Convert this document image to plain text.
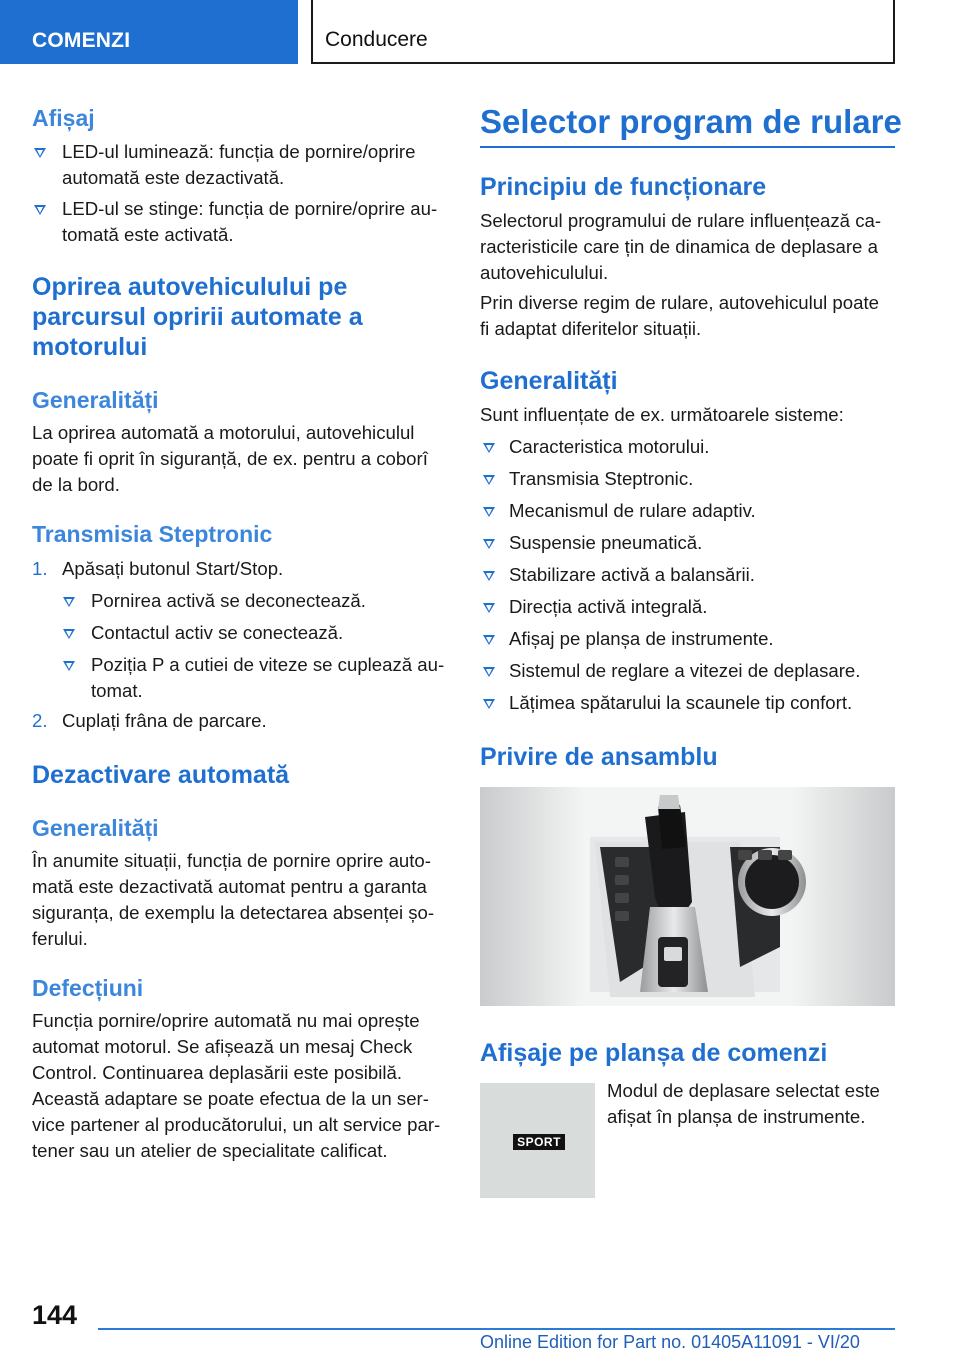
COMENZI	Conducere
Afișaj
LED-ul luminează: funcția de pornire/oprire
automată este dezactivată.
LED-ul se stinge: funcția de pornire/oprire au-
tomată este activată.
Oprirea autovehiculului pe
parcursul opririi automate a
motorului
Generalități
La oprirea automată a motorului, autovehiculul
poate fi oprit în siguranță, de ex. pentru a coborî
de la bord.
Transmisia Steptronic
1. Apăsați butonul Start/Stop.
Pornirea activă se deconectează.
Contactul activ se conectează.
Poziția P a cutiei de viteze se cuplează au-
tomat.
2. Cuplați frâna de parcare.
Dezactivare automată
Generalități
În anumite situații, funcția de pornire oprire auto-
mată este dezactivată automat pentru a garanta
siguranța, de exemplu la detectarea absenței șo-
ferului.
Defecțiuni
Funcția pornire/oprire automată nu mai oprește
automat motorul. Se afișează un mesaj Check
Control. Continuarea deplasării este posibilă.
Această adaptare se poate efectua de la un ser-
vice partener al producătorului, un alt service par-
tener sau un atelier de specialitate calificat.
Selector program de rulare
Principiu de funcționare
Selectorul programului de rulare influențează ca-
racteristicile care țin de dinamica de deplasare a
autovehiculului.
Prin diverse regim de rulare, autovehiculul poate
fi adaptat diferitelor situații.
Generalități
Sunt influențate de ex. următoarele sisteme:
Caracteristica motorului.
Transmisia Steptronic.
Mecanismul de rulare adaptiv.
Suspensie pneumatică.
Stabilizare activă a balansării.
Direcția activă integrală.
Afișaj pe planșa de instrumente.
Sistemul de reglare a vitezei de deplasare.
Lățimea spătarului la scaunele tip confort.
Privire de ansamblu
Afișaje pe planșa de comenzi
SPORT
Modul de deplasare selectat este
afișat în planșa de instrumente.
144
Online Edition for Part no. 01405A11091 - VI/20
